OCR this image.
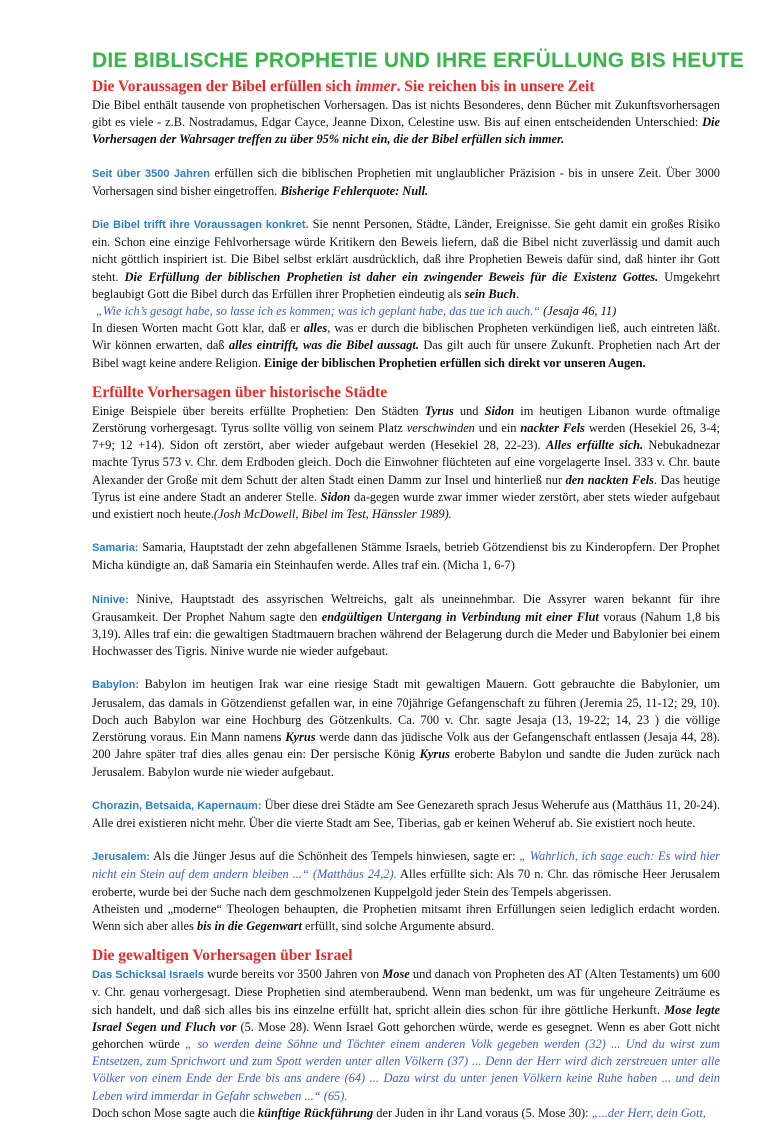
DIE BIBLISCHE PROPHETIE UND IHRE ERFÜLLUNG BIS HEUTE
Die Voraussagen der Bibel erfüllen sich immer. Sie reichen bis in unsere Zeit

Die Bibel enthält tausende von prophetischen Vorhersagen. Das ist nichts Besonderes, denn Bücher mit Zukunftsvorhersagen gibt es viele - z.B. Nostradamus, Edgar Cayce, Jeanne Dixon, Celestine usw. Bis auf einen entscheidenden Unterschied: Die Vorhersagen der Wahrsager treffen zu über 95% nicht ein, die der Bibel erfüllen sich immer.

Seit über 3500 Jahren erfüllen sich die biblischen Prophetien mit unglaublicher Präzision - bis in unsere Zeit. Über 3000 Vorhersagen sind bisher eingetroffen. Bisherige Fehlerquote: Null.

Die Bibel trifft ihre Voraussagen konkret. Sie nennt Personen, Städte, Länder, Ereignisse. Sie geht damit ein großes Risiko ein. Schon eine einzige Fehlvorhersage würde Kritikern den Beweis liefern, daß die Bibel nicht zuverlässig und damit auch nicht göttlich inspiriert ist. Die Bibel selbst erklärt ausdrücklich, daß ihre Prophetien Beweis dafür sind, daß hinter ihr Gott steht. Die Erfüllung der biblischen Prophetien ist daher ein zwingender Beweis für die Existenz Gottes. Umgekehrt beglaubigt Gott die Bibel durch das Erfüllen ihrer Prophetien eindeutig als sein Buch.

„Wie ich’s gesagt habe, so lasse ich es kommen; was ich geplant habe, das tue ich auch.“ (Jesaja 46, 11)

In diesen Worten macht Gott klar, daß er alles, was er durch die biblischen Propheten verkündigen ließ, auch eintreten läßt. Wir können erwarten, daß alles eintrifft, was die Bibel aussagt. Das gilt auch für unsere Zukunft. Prophetien nach Art der Bibel wagt keine andere Religion. Einige der biblischen Prophetien erfüllen sich direkt vor unseren Augen.

Erfüllte Vorhersagen über historische Städte

Einige Beispiele über bereits erfüllte Prophetien: Den Städten Tyrus und Sidon im heutigen Libanon wurde oftmalige Zerstörung vorhergesagt. Tyrus sollte völlig von seinem Platz verschwinden und ein nackter Fels werden (Hesekiel 26, 3-4; 7+9; 12 +14). Sidon oft zerstört, aber wieder aufgebaut werden (Hesekiel 28, 22-23). Alles erfüllte sich. Nebukadnezar machte Tyrus 573 v. Chr. dem Erdboden gleich. Doch die Einwohner flüchteten auf eine vorgelagerte Insel. 333 v. Chr. baute Alexander der Große mit dem Schutt der alten Stadt einen Damm zur Insel und hinterließ nur den nackten Fels. Das heutige Tyrus ist eine andere Stadt an anderer Stelle. Sidon da-gegen wurde zwar immer wieder zerstört, aber stets wieder aufgebaut und existiert noch heute.(Josh McDowell, Bibel im Test, Hänssler 1989).

Samaria: Samaria, Hauptstadt der zehn abgefallenen Stämme Israels, betrieb Götzendienst bis zu Kinderopfern. Der Prophet Micha kündigte an, daß Samaria ein Steinhaufen werde. Alles traf ein. (Micha 1, 6-7)

Ninive: Ninive, Hauptstadt des assyrischen Weltreichs, galt als uneinnehmbar. Die Assyrer waren bekannt für ihre Grausamkeit. Der Prophet Nahum sagte den endgültigen Untergang in Verbindung mit einer Flut voraus (Nahum 1,8 bis 3,19). Alles traf ein: die gewaltigen Stadtmauern brachen während der Belagerung durch die Meder und Babylonier bei einem Hochwasser des Tigris. Ninive wurde nie wieder aufgebaut.

Babylon: Babylon im heutigen Irak war eine riesige Stadt mit gewaltigen Mauern. Gott gebrauchte die Babylonier, um Jerusalem, das damals in Götzendienst gefallen war, in eine 70jährige Gefangenschaft zu führen (Jeremia 25, 11-12; 29, 10). Doch auch Babylon war eine Hochburg des Götzenkults. Ca. 700 v. Chr. sagte Jesaja (13, 19-22; 14, 23 ) die völlige Zerstörung voraus. Ein Mann namens Kyrus werde dann das jüdische Volk aus der Gefangenschaft entlassen (Jesaja 44, 28). 200 Jahre später traf dies alles genau ein: Der persische König Kyrus eroberte Babylon und sandte die Juden zurück nach Jerusalem. Babylon wurde nie wieder aufgebaut.

Chorazin, Betsaida, Kapernaum: Über diese drei Städte am See Genezareth sprach Jesus Weherufe aus (Matthäus 11, 20-24). Alle drei existieren nicht mehr. Über die vierte Stadt am See, Tiberias, gab er keinen Weheruf ab. Sie existiert noch heute.

Jerusalem: Als die Jünger Jesus auf die Schönheit des Tempels hinwiesen, sagte er: „ Wahrlich, ich sage euch: Es wird hier nicht ein Stein auf dem andern bleiben ...“ (Matthäus 24,2). Alles erfüllte sich: Als 70 n. Chr. das römische Heer Jerusalem eroberte, wurde bei der Suche nach dem geschmolzenen Kuppelgold jeder Stein des Tempels abgerissen.

Atheisten und „moderne“ Theologen behaupten, die Prophetien mitsamt ihren Erfüllungen seien lediglich erdacht worden. Wenn sich aber alles bis in die Gegenwart erfüllt, sind solche Argumente absurd.

Die gewaltigen Vorhersagen über Israel

Das Schicksal Israels wurde bereits vor 3500 Jahren von Mose und danach von Propheten des AT (Alten Testaments) um 600 v. Chr. genau vorhergesagt. Diese Prophetien sind atemberaubend. Wenn man bedenkt, um was für ungeheure Zeiträume es sich handelt, und daß sich alles bis ins einzelne erfüllt hat, spricht allein dies schon für ihre göttliche Herkunft. Mose legte Israel Segen und Fluch vor (5. Mose 28). Wenn Israel Gott gehorchen würde, werde es gesegnet. Wenn es aber Gott nicht gehorchen würde „ so werden deine Söhne und Töchter einem anderen Volk gegeben werden (32) ... Und du wirst zum Entsetzen, zum Sprichwort und zum Spott werden unter allen Völkern (37) ... Denn der Herr wird dich zerstreuen unter alle Völker von einem Ende der Erde bis ans andere (64) ... Dazu wirst du unter jenen Völkern keine Ruhe haben ... und dein Leben wird immerdar in Gefahr schweben ...“ (65).

Doch schon Mose sagte auch die künftige Rückführung der Juden in ihr Land voraus (5. Mose 30): „...der Herr, dein Gott,
